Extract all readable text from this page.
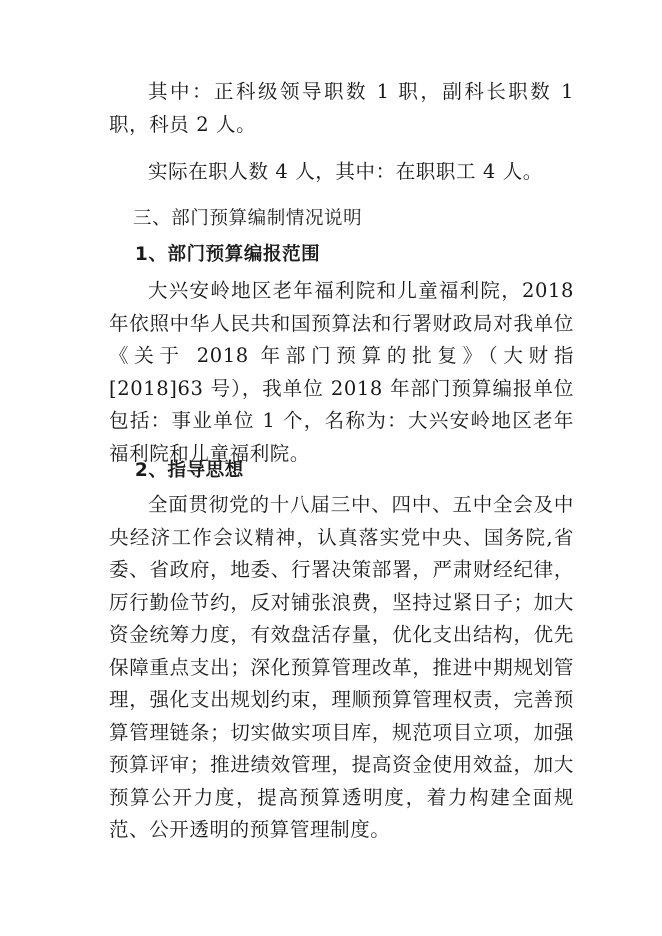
其中：正科级领导职数 1 职，副科长职数 1 职，科员 2 人。

实际在职人数 4 人，其中：在职职工 4 人。

三、部门预算编制情况说明

1、部门预算编报范围

大兴安岭地区老年福利院和儿童福利院，2018 年依照中华人民共和国预算法和行署财政局对我单位《关于 2018 年部门预算的批复》（大财指[2018]63 号），我单位 2018 年部门预算编报单位包括：事业单位 1 个，名称为：大兴安岭地区老年福利院和儿童福利院。

2、指导思想

全面贯彻党的十八届三中、四中、五中全会及中央经济工作会议精神，认真落实党中央、国务院,省委、省政府，地委、行署决策部署，严肃财经纪律，厉行勤俭节约，反对铺张浪费，坚持过紧日子；加大资金统筹力度，有效盘活存量，优化支出结构，优先保障重点支出；深化预算管理改革，推进中期规划管理，强化支出规划约束，理顺预算管理权责，完善预算管理链条；切实做实项目库，规范项目立项，加强预算评审；推进绩效管理，提高资金使用效益，加大预算公开力度，提高预算透明度，着力构建全面规范、公开透明的预算管理制度。
